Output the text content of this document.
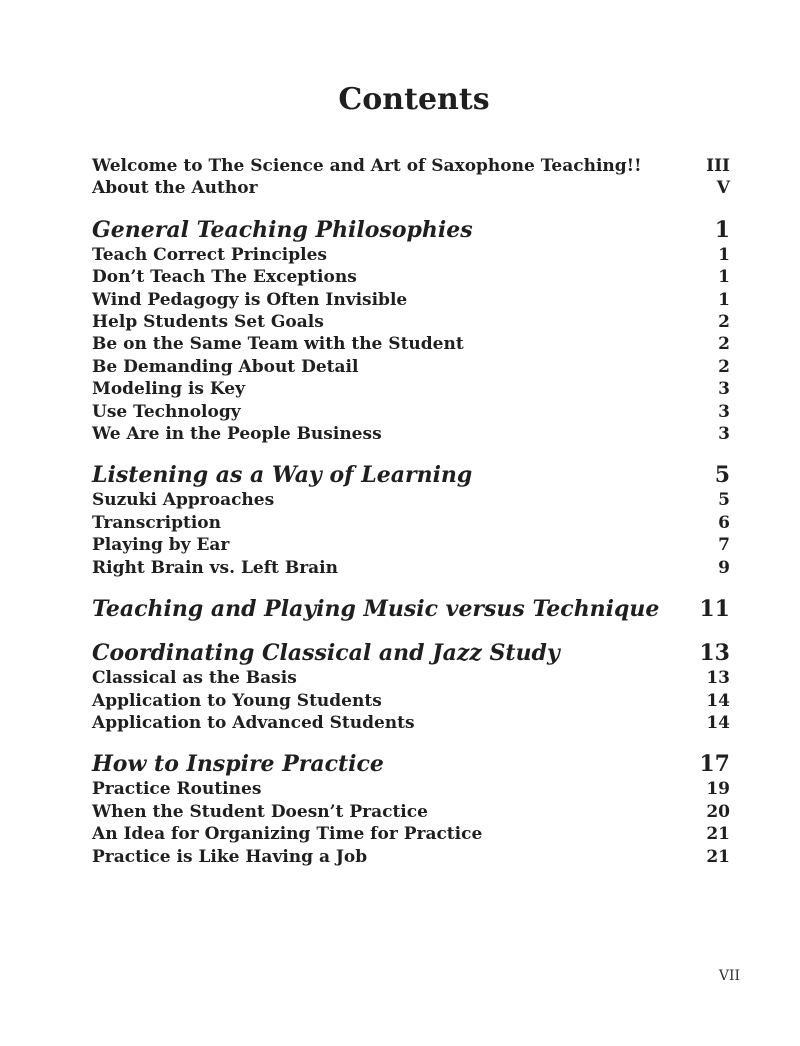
Contents
Welcome to The Science and Art of Saxophone Teaching!!	III
About the Author	V
General Teaching Philosophies	1
Teach Correct Principles	1
Don’t Teach The Exceptions	1
Wind Pedagogy is Often Invisible	1
Help Students Set Goals	2
Be on the Same Team with the Student	2
Be Demanding About Detail	2
Modeling is Key	3
Use Technology	3
We Are in the People Business	3
Listening as a Way of Learning	5
Suzuki Approaches	5
Transcription	6
Playing by Ear	7
Right Brain vs. Left Brain	9
Teaching and Playing Music versus Technique 11
Coordinating Classical and Jazz Study	13
Classical as the Basis	13
Application to Young Students	14
Application to Advanced Students	14
How to Inspire Practice	17
Practice Routines	19
When the Student Doesn’t Practice	20
An Idea for Organizing Time for Practice	21
Practice is Like Having a Job	21
VII
